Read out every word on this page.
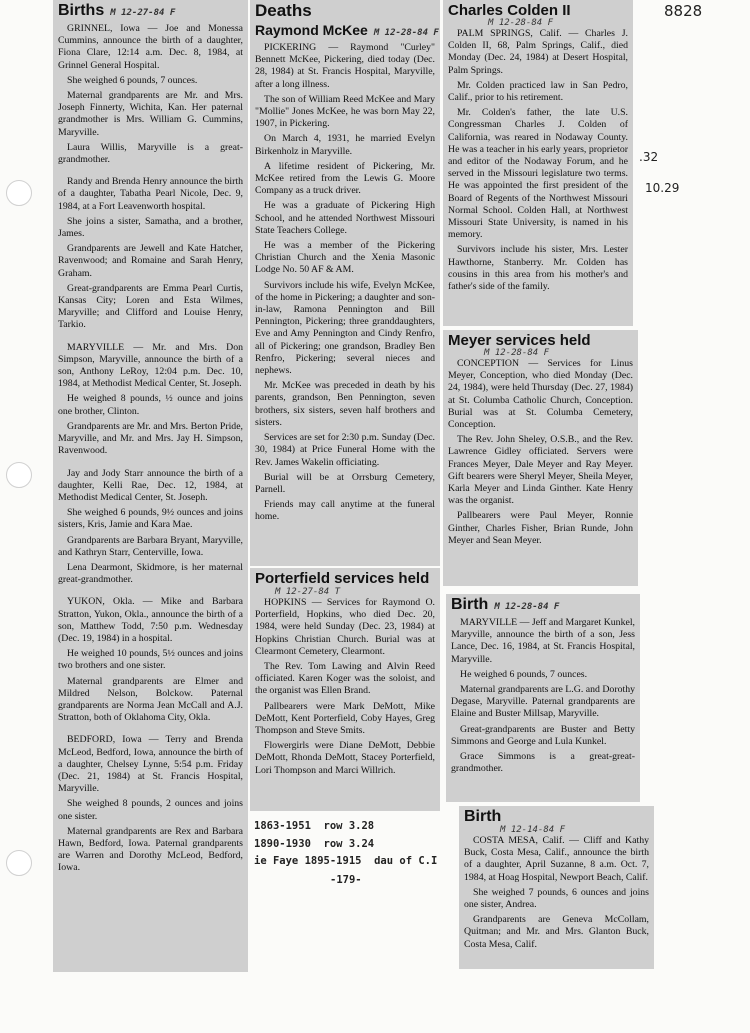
8828
.32
10.29
Births M 12-27-84 F

GRINNEL, Iowa — Joe and Monessa Cummins, announce the birth of a daughter, Fiona Clare, 12:14 a.m. Dec. 8, 1984, at Grinnel General Hospital.

She weighed 6 pounds, 7 ounces.

Maternal grandparents are Mr. and Mrs. Joseph Finnerty, Wichita, Kan. Her paternal grandmother is Mrs. William G. Cummins, Maryville.

Laura Willis, Maryville is a great-grandmother.

Randy and Brenda Henry announce the birth of a daughter, Tabatha Pearl Nicole, Dec. 9, 1984, at a Fort Leavenworth hospital.

She joins a sister, Samatha, and a brother, James.

Grandparents are Jewell and Kate Hatcher, Ravenwood; and Romaine and Sarah Henry, Graham.

Great-grandparents are Emma Pearl Curtis, Kansas City; Loren and Esta Wilmes, Maryville; and Clifford and Louise Henry, Tarkio.

MARYVILLE — Mr. and Mrs. Don Simpson, Maryville, announce the birth of a son, Anthony LeRoy, 12:04 p.m. Dec. 10, 1984, at Methodist Medical Center, St. Joseph.

He weighed 8 pounds, ½ ounce and joins one brother, Clinton.

Grandparents are Mr. and Mrs. Berton Pride, Maryville, and Mr. and Mrs. Jay H. Simpson, Ravenwood.

Jay and Jody Starr announce the birth of a daughter, Kelli Rae, Dec. 12, 1984, at Methodist Medical Center, St. Joseph.

She weighed 6 pounds, 9½ ounces and joins sisters, Kris, Jamie and Kara Mae.

Grandparents are Barbara Bryant, Maryville, and Kathryn Starr, Centerville, Iowa.

Lena Dearmont, Skidmore, is her maternal great-grandmother.

YUKON, Okla. — Mike and Barbara Stratton, Yukon, Okla., announce the birth of a son, Matthew Todd, 7:50 p.m. Wednesday (Dec. 19, 1984) in a hospital.

He weighed 10 pounds, 5½ ounces and joins two brothers and one sister.

Maternal grandparents are Elmer and Mildred Nelson, Bolckow. Paternal grandparents are Norma Jean McCall and A.J. Stratton, both of Oklahoma City, Okla.

BEDFORD, Iowa — Terry and Brenda McLeod, Bedford, Iowa, announce the birth of a daughter, Chelsey Lynne, 5:54 p.m. Friday (Dec. 21, 1984) at St. Francis Hospital, Maryville.

She weighed 8 pounds, 2 ounces and joins one sister.

Maternal grandparents are Rex and Barbara Hawn, Bedford, Iowa. Paternal grandparents are Warren and Dorothy McLeod, Bedford, Iowa.

Deaths
Raymond McKee M 12-28-84 F

PICKERING — Raymond "Curley" Bennett McKee, Pickering, died today (Dec. 28, 1984) at St. Francis Hospital, Maryville, after a long illness.

The son of William Reed McKee and Mary "Mollie" Jones McKee, he was born May 22, 1907, in Pickering.

On March 4, 1931, he married Evelyn Birkenholz in Maryville.

A lifetime resident of Pickering, Mr. McKee retired from the Lewis G. Moore Company as a truck driver.

He was a graduate of Pickering High School, and he attended Northwest Missouri State Teachers College.

He was a member of the Pickering Christian Church and the Xenia Masonic Lodge No. 50 AF & AM.

Survivors include his wife, Evelyn McKee, of the home in Pickering; a daughter and son-in-law, Ramona Pennington and Bill Pennington, Pickering; three granddaughters, Eve and Amy Pennington and Cindy Renfro, all of Pickering; one grandson, Bradley Ben Renfro, Pickering; several nieces and nephews.

Mr. McKee was preceded in death by his parents, grandson, Ben Pennington, seven brothers, six sisters, seven half brothers and sisters.

Services are set for 2:30 p.m. Sunday (Dec. 30, 1984) at Price Funeral Home with the Rev. James Wakelin officiating.

Burial will be at Orrsburg Cemetery, Parnell.

Friends may call anytime at the funeral home.

Porterfield services held
M 12-27-84 T

HOPKINS — Services for Raymond O. Porterfield, Hopkins, who died Dec. 20, 1984, were held Sunday (Dec. 23, 1984) at Hopkins Christian Church. Burial was at Clearmont Cemetery, Clearmont.

The Rev. Tom Lawing and Alvin Reed officiated. Karen Koger was the soloist, and the organist was Ellen Brand.

Pallbearers were Mark DeMott, Mike DeMott, Kent Porterfield, Coby Hayes, Greg Thompson and Steve Smits.

Flowergirls were Diane DeMott, Debbie DeMott, Rhonda DeMott, Stacey Porterfield, Lori Thompson and Marci Willrich.

1863-1951  row 3.28
1890-1930  row 3.24
ie Faye 1895-1915  dau of C.I
-179-
Charles Colden II
M 12-28-84 F

PALM SPRINGS, Calif. — Charles J. Colden II, 68, Palm Springs, Calif., died Monday (Dec. 24, 1984) at Desert Hospital, Palm Springs.

Mr. Colden practiced law in San Pedro, Calif., prior to his retirement.

Mr. Colden's father, the late U.S. Congressman Charles J. Colden of California, was reared in Nodaway County. He was a teacher in his early years, proprietor and editor of the Nodaway Forum, and he served in the Missouri legislature two terms. He was appointed the first president of the Board of Regents of the Northwest Missouri Normal School. Colden Hall, at Northwest Missouri State University, is named in his memory.

Survivors include his sister, Mrs. Lester Hawthorne, Stanberry. Mr. Colden has cousins in this area from his mother's and father's side of the family.

Meyer services held
M 12-28-84 F

CONCEPTION — Services for Linus Meyer, Conception, who died Monday (Dec. 24, 1984), were held Thursday (Dec. 27, 1984) at St. Columba Catholic Church, Conception. Burial was at St. Columba Cemetery, Conception.

The Rev. John Sheley, O.S.B., and the Rev. Lawrence Gidley officiated. Servers were Frances Meyer, Dale Meyer and Ray Meyer. Gift bearers were Sheryl Meyer, Sheila Meyer, Karla Meyer and Linda Ginther. Kate Henry was the organist.

Pallbearers were Paul Meyer, Ronnie Ginther, Charles Fisher, Brian Runde, John Meyer and Sean Meyer.

Birth M 12-28-84 F

MARYVILLE — Jeff and Margaret Kunkel, Maryville, announce the birth of a son, Jess Lance, Dec. 16, 1984, at St. Francis Hospital, Maryville.

He weighed 6 pounds, 7 ounces.

Maternal grandparents are L.G. and Dorothy Degase, Maryville. Paternal grandparents are Elaine and Buster Millsap, Maryville.

Great-grandparents are Buster and Betty Simmons and George and Lula Kunkel.

Grace Simmons is a great-great-grandmother.

Birth
M 12-14-84 F

COSTA MESA, Calif. — Cliff and Kathy Buck, Costa Mesa, Calif., announce the birth of a daughter, April Suzanne, 8 a.m. Oct. 7, 1984, at Hoag Hospital, Newport Beach, Calif.

She weighed 7 pounds, 6 ounces and joins one sister, Andrea.

Grandparents are Geneva McCollam, Quitman; and Mr. and Mrs. Glanton Buck, Costa Mesa, Calif.
